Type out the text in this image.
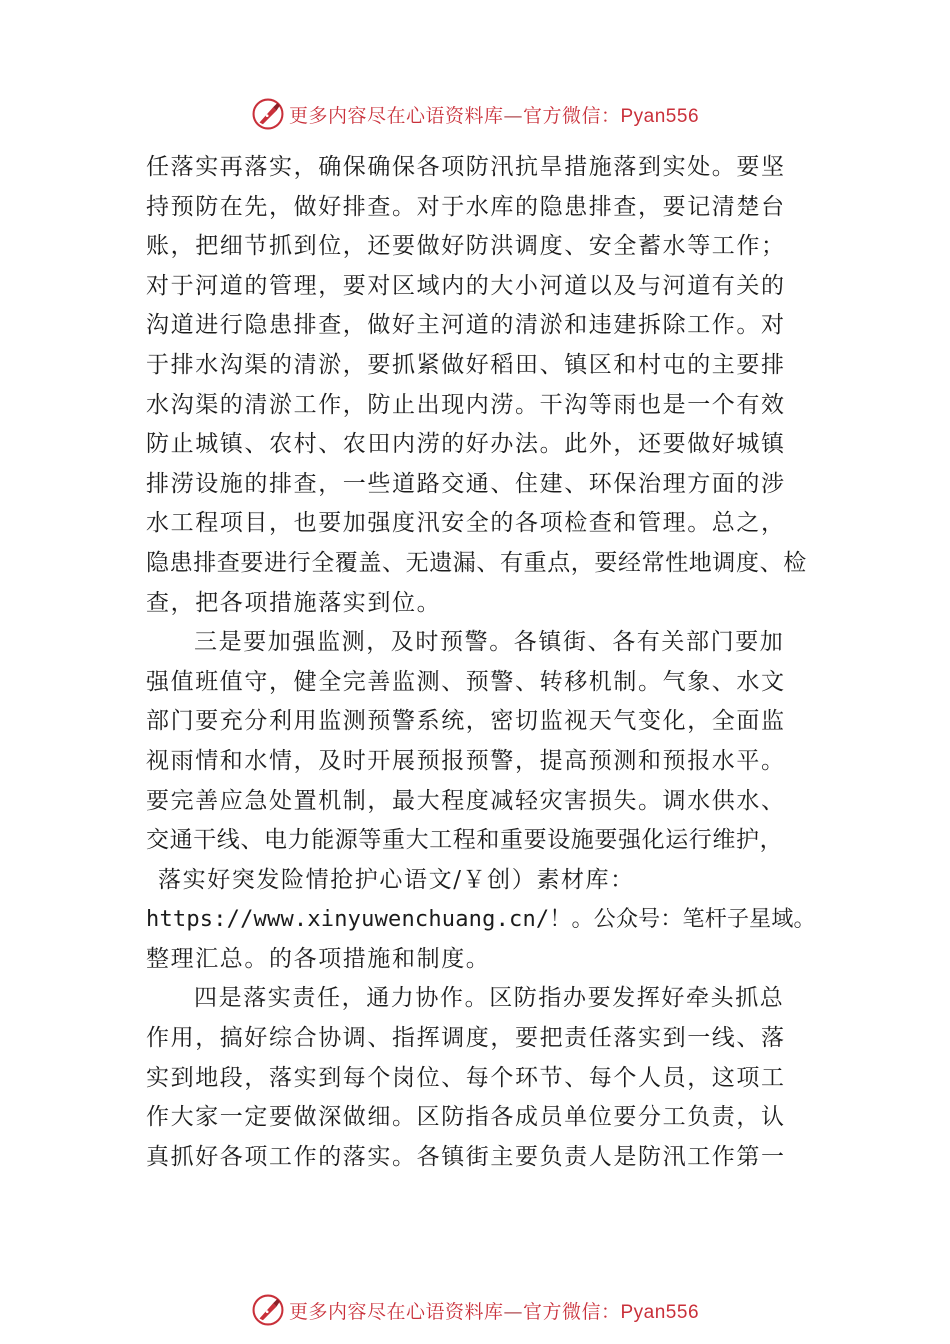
更多内容尽在心语资料库—官方微信：Pyan556
任落实再落实，确保确保各项防汛抗旱措施落到实处。要坚
持预防在先，做好排查。对于水库的隐患排查，要记清楚台
账，把细节抓到位，还要做好防洪调度、安全蓄水等工作；
对于河道的管理，要对区域内的大小河道以及与河道有关的
沟道进行隐患排查，做好主河道的清淤和违建拆除工作。对
于排水沟渠的清淤，要抓紧做好稻田、镇区和村屯的主要排
水沟渠的清淤工作，防止出现内涝。干沟等雨也是一个有效
防止城镇、农村、农田内涝的好办法。此外，还要做好城镇
排涝设施的排查，一些道路交通、住建、环保治理方面的涉
水工程项目，也要加强度汛安全的各项检查和管理。总之，
隐患排查要进行全覆盖、无遗漏、有重点，要经常性地调度、检
查，把各项措施落实到位。
三是要加强监测，及时预警。各镇街、各有关部门要加
强值班值守，健全完善监测、预警、转移机制。气象、水文
部门要充分利用监测预警系统，密切监视天气变化，全面监
视雨情和水情，及时开展预报预警，提高预测和预报水平。
要完善应急处置机制，最大程度减轻灾害损失。调水供水、
交通干线、电力能源等重大工程和重要设施要强化运行维护，
落实好突发险情抢护心语文/￥创）素材库：
https://www.xinyuwenchuang.cn/！。公众号：笔杆子星域。
整理汇总。的各项措施和制度。
四是落实责任，通力协作。区防指办要发挥好牵头抓总
作用，搞好综合协调、指挥调度，要把责任落实到一线、落
实到地段，落实到每个岗位、每个环节、每个人员，这项工
作大家一定要做深做细。区防指各成员单位要分工负责，认
真抓好各项工作的落实。各镇街主要负责人是防汛工作第一
更多内容尽在心语资料库—官方微信：Pyan556
